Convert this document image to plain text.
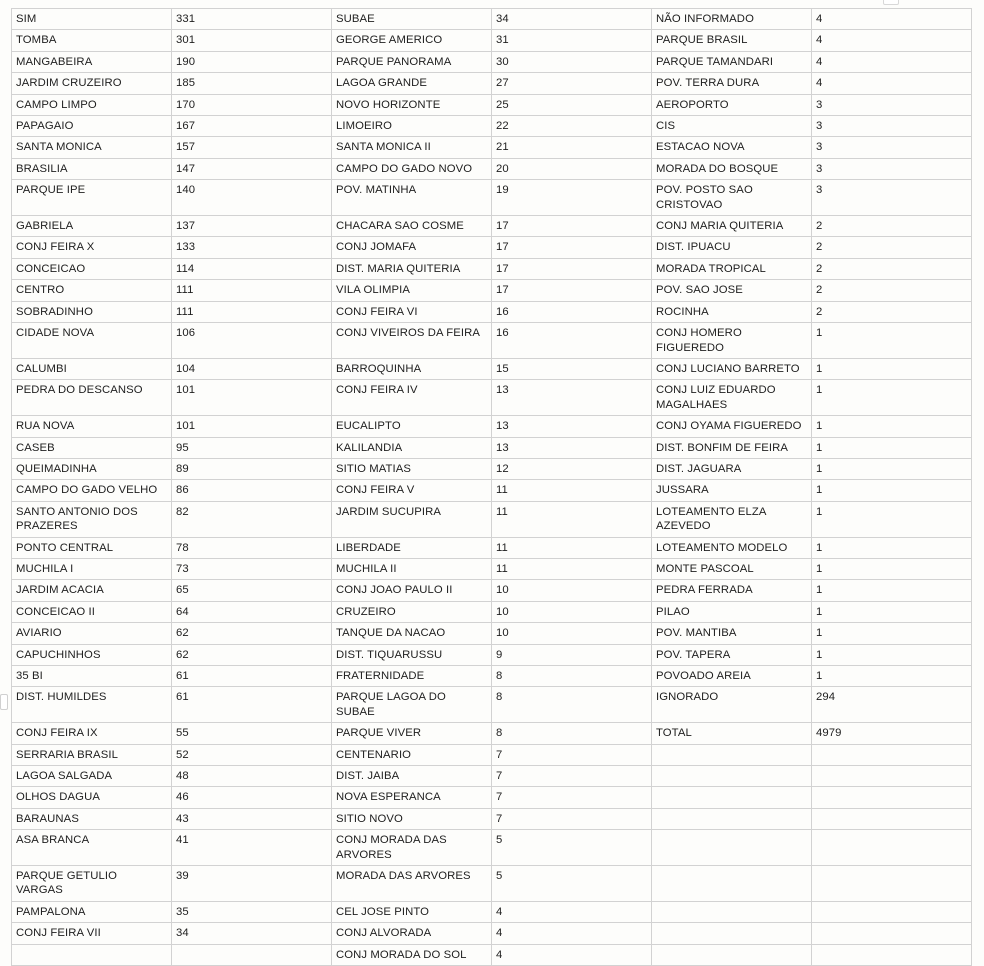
SIM	331	SUBAE	34	NÃO INFORMADO	4
TOMBA	301	GEORGE AMERICO	31	PARQUE BRASIL	4
MANGABEIRA	190	PARQUE PANORAMA	30	PARQUE TAMANDARI	4
JARDIM CRUZEIRO	185	LAGOA GRANDE	27	POV. TERRA DURA	4
CAMPO LIMPO	170	NOVO HORIZONTE	25	AEROPORTO	3
PAPAGAIO	167	LIMOEIRO	22	CIS	3
SANTA MONICA	157	SANTA MONICA II	21	ESTACAO NOVA	3
BRASILIA	147	CAMPO DO GADO NOVO	20	MORADA DO BOSQUE	3
PARQUE IPE	140	POV. MATINHA	19	POV. POSTO SAO CRISTOVAO	3
GABRIELA	137	CHACARA SAO COSME	17	CONJ MARIA QUITERIA	2
CONJ FEIRA X	133	CONJ JOMAFA	17	DIST. IPUACU	2
CONCEICAO	114	DIST. MARIA QUITERIA	17	MORADA TROPICAL	2
CENTRO	111	VILA OLIMPIA	17	POV. SAO JOSE	2
SOBRADINHO	111	CONJ FEIRA VI	16	ROCINHA	2
CIDADE NOVA	106	CONJ VIVEIROS DA FEIRA	16	CONJ HOMERO FIGUEREDO	1
CALUMBI	104	BARROQUINHA	15	CONJ LUCIANO BARRETO	1
PEDRA DO DESCANSO	101	CONJ FEIRA IV	13	CONJ LUIZ EDUARDO MAGALHAES	1
RUA NOVA	101	EUCALIPTO	13	CONJ OYAMA FIGUEREDO	1
CASEB	95	KALILANDIA	13	DIST. BONFIM DE FEIRA	1
QUEIMADINHA	89	SITIO MATIAS	12	DIST. JAGUARA	1
CAMPO DO GADO VELHO	86	CONJ FEIRA V	11	JUSSARA	1
SANTO ANTONIO DOS PRAZERES	82	JARDIM SUCUPIRA	11	LOTEAMENTO ELZA AZEVEDO	1
PONTO CENTRAL	78	LIBERDADE	11	LOTEAMENTO MODELO	1
MUCHILA I	73	MUCHILA II	11	MONTE PASCOAL	1
JARDIM ACACIA	65	CONJ JOAO PAULO II	10	PEDRA FERRADA	1
CONCEICAO II	64	CRUZEIRO	10	PILAO	1
AVIARIO	62	TANQUE DA NACAO	10	POV. MANTIBA	1
CAPUCHINHOS	62	DIST. TIQUARUSSU	9	POV. TAPERA	1
35 BI	61	FRATERNIDADE	8	POVOADO AREIA	1
DIST. HUMILDES	61	PARQUE LAGOA DO SUBAE	8	IGNORADO	294
CONJ FEIRA IX	55	PARQUE VIVER	8	TOTAL	4979
SERRARIA BRASIL	52	CENTENARIO	7		
LAGOA SALGADA	48	DIST. JAIBA	7		
OLHOS DAGUA	46	NOVA ESPERANCA	7		
BARAUNAS	43	SITIO NOVO	7		
ASA BRANCA	41	CONJ MORADA DAS ARVORES	5		
PARQUE GETULIO VARGAS	39	MORADA DAS ARVORES	5		
PAMPALONA	35	CEL JOSE PINTO	4		
CONJ FEIRA VII	34	CONJ ALVORADA	4		
		CONJ MORADA DO SOL	4		
